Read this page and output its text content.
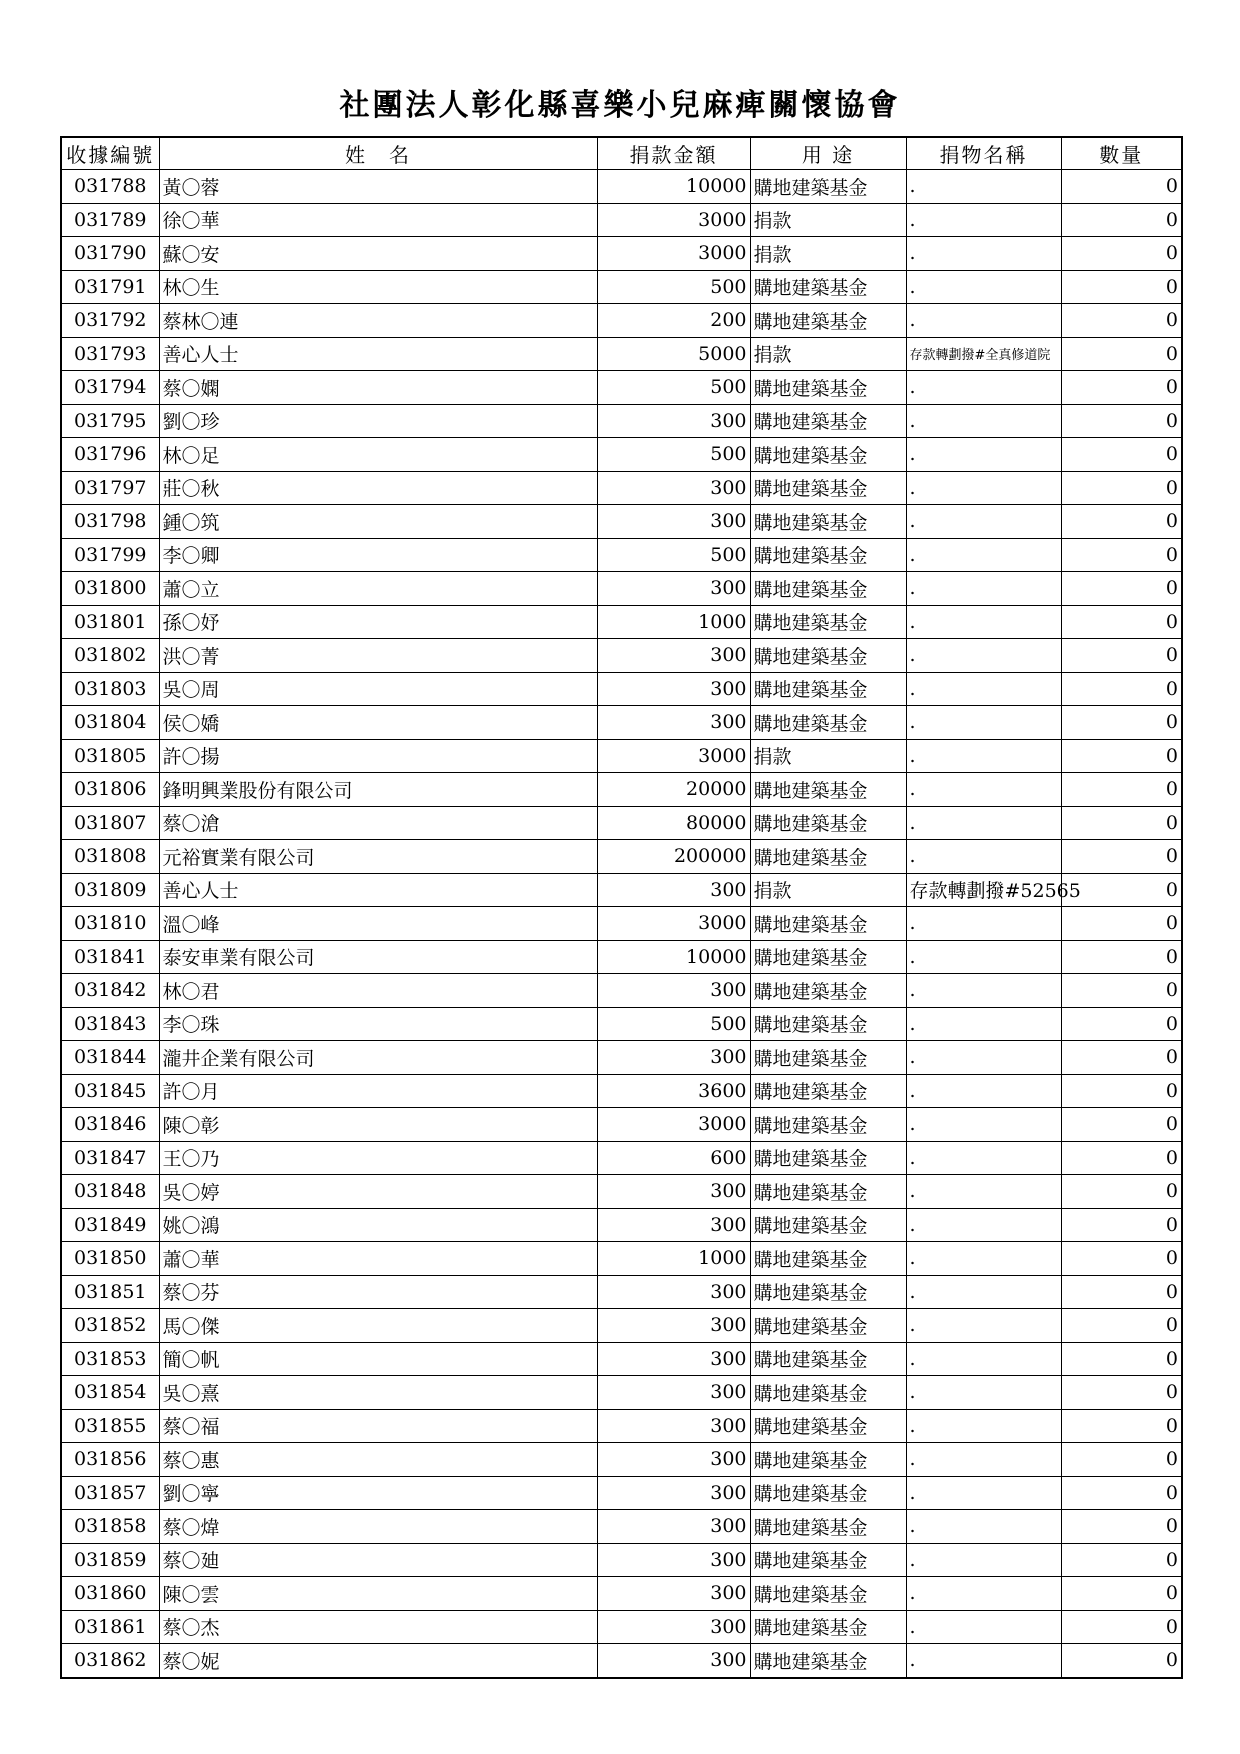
社團法人彰化縣喜樂小兒麻痺關懷協會
收據編號	姓　名	捐款金額	用 途	捐物名稱	數量
031788	黃〇蓉	10000	購地建築基金	.	0
031789	徐〇華	3000	捐款	.	0
031790	蘇〇安	3000	捐款	.	0
031791	林〇生	500	購地建築基金	.	0
031792	蔡林〇連	200	購地建築基金	.	0
031793	善心人士	5000	捐款	存款轉劃撥#全真修道院	0
031794	蔡〇嫻	500	購地建築基金	.	0
031795	劉〇珍	300	購地建築基金	.	0
031796	林〇足	500	購地建築基金	.	0
031797	莊〇秋	300	購地建築基金	.	0
031798	鍾〇筑	300	購地建築基金	.	0
031799	李〇卿	500	購地建築基金	.	0
031800	蕭〇立	300	購地建築基金	.	0
031801	孫〇妤	1000	購地建築基金	.	0
031802	洪〇菁	300	購地建築基金	.	0
031803	吳〇周	300	購地建築基金	.	0
031804	侯〇嬌	300	購地建築基金	.	0
031805	許〇揚	3000	捐款	.	0
031806	鋒明興業股份有限公司	20000	購地建築基金	.	0
031807	蔡〇滄	80000	購地建築基金	.	0
031808	元裕實業有限公司	200000	購地建築基金	.	0
031809	善心人士	300	捐款	存款轉劃撥#52565	0
031810	溫〇峰	3000	購地建築基金	.	0
031841	泰安車業有限公司	10000	購地建築基金	.	0
031842	林〇君	300	購地建築基金	.	0
031843	李〇珠	500	購地建築基金	.	0
031844	瀧井企業有限公司	300	購地建築基金	.	0
031845	許〇月	3600	購地建築基金	.	0
031846	陳〇彰	3000	購地建築基金	.	0
031847	王〇乃	600	購地建築基金	.	0
031848	吳〇婷	300	購地建築基金	.	0
031849	姚〇鴻	300	購地建築基金	.	0
031850	蕭〇華	1000	購地建築基金	.	0
031851	蔡〇芬	300	購地建築基金	.	0
031852	馬〇傑	300	購地建築基金	.	0
031853	簡〇帆	300	購地建築基金	.	0
031854	吳〇熹	300	購地建築基金	.	0
031855	蔡〇福	300	購地建築基金	.	0
031856	蔡〇惠	300	購地建築基金	.	0
031857	劉〇寧	300	購地建築基金	.	0
031858	蔡〇煒	300	購地建築基金	.	0
031859	蔡〇廸	300	購地建築基金	.	0
031860	陳〇雲	300	購地建築基金	.	0
031861	蔡〇杰	300	購地建築基金	.	0
031862	蔡〇妮	300	購地建築基金	.	0
